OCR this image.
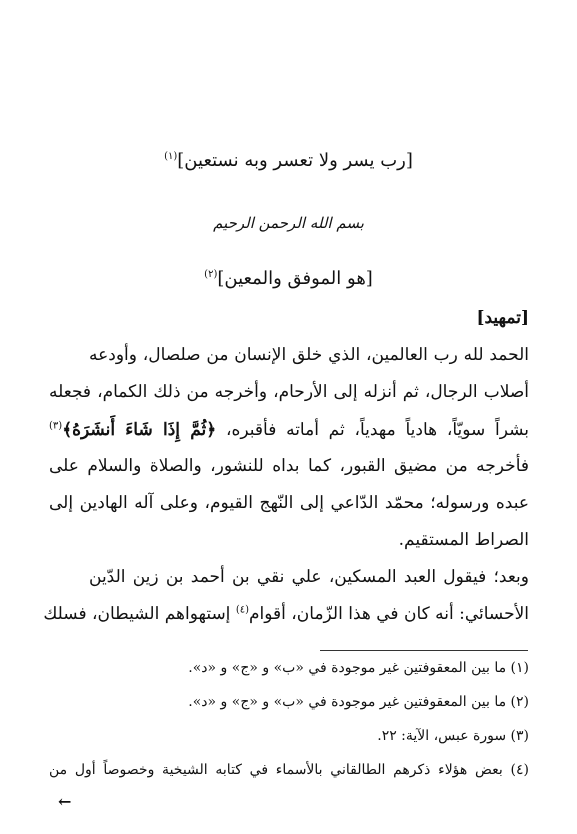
[رب يسر ولا تعسر وبه نستعين]$^{(١)}$
بسم الله الرحمن الرحيم
[هو الموفق والمعين]$^{(٢)}$
[تمهيد]
الحمد لله رب العالمين، الذي خلق الإنسان من صلصال، وأودعه
أصلاب الرجال، ثم أنزله إلى الأرحام، وأخرجه من ذلك الكمام، فجعله
بشراً سويّاً، هادياً مهدياً، ثم أماته فأقبره، ﴿ثُمَّ إِذَا شَاءَ أَنشَرَهُ﴾$^{(٣)}$
فأخرجه من مضيق القبور، كما بداه للنشور، والصلاة والسلام على
عبده ورسوله؛ محمّد الدّاعي إلى النّهج القيوم، وعلى آله الهادين إلى
الصراط المستقيم.
وبعد؛ فيقول العبد المسكين، علي نقي بن أحمد بن زين الدّين
الأحسائي: أنه كان في هذا الزّمان، أقوام$^{(٤)}$ إستهواهم الشيطان، فسلك
(١) ما بين المعقوفتين غير موجودة في «ب» و «ج» و «د».
(٢) ما بين المعقوفتين غير موجودة في «ب» و «ج» و «د».
(٣) سورة عبس، الآية: ٢٢.
(٤) بعض هؤلاء ذكرهم الطالقاني بالأسماء في كتابه الشيخية وخصوصاً أول من
←
